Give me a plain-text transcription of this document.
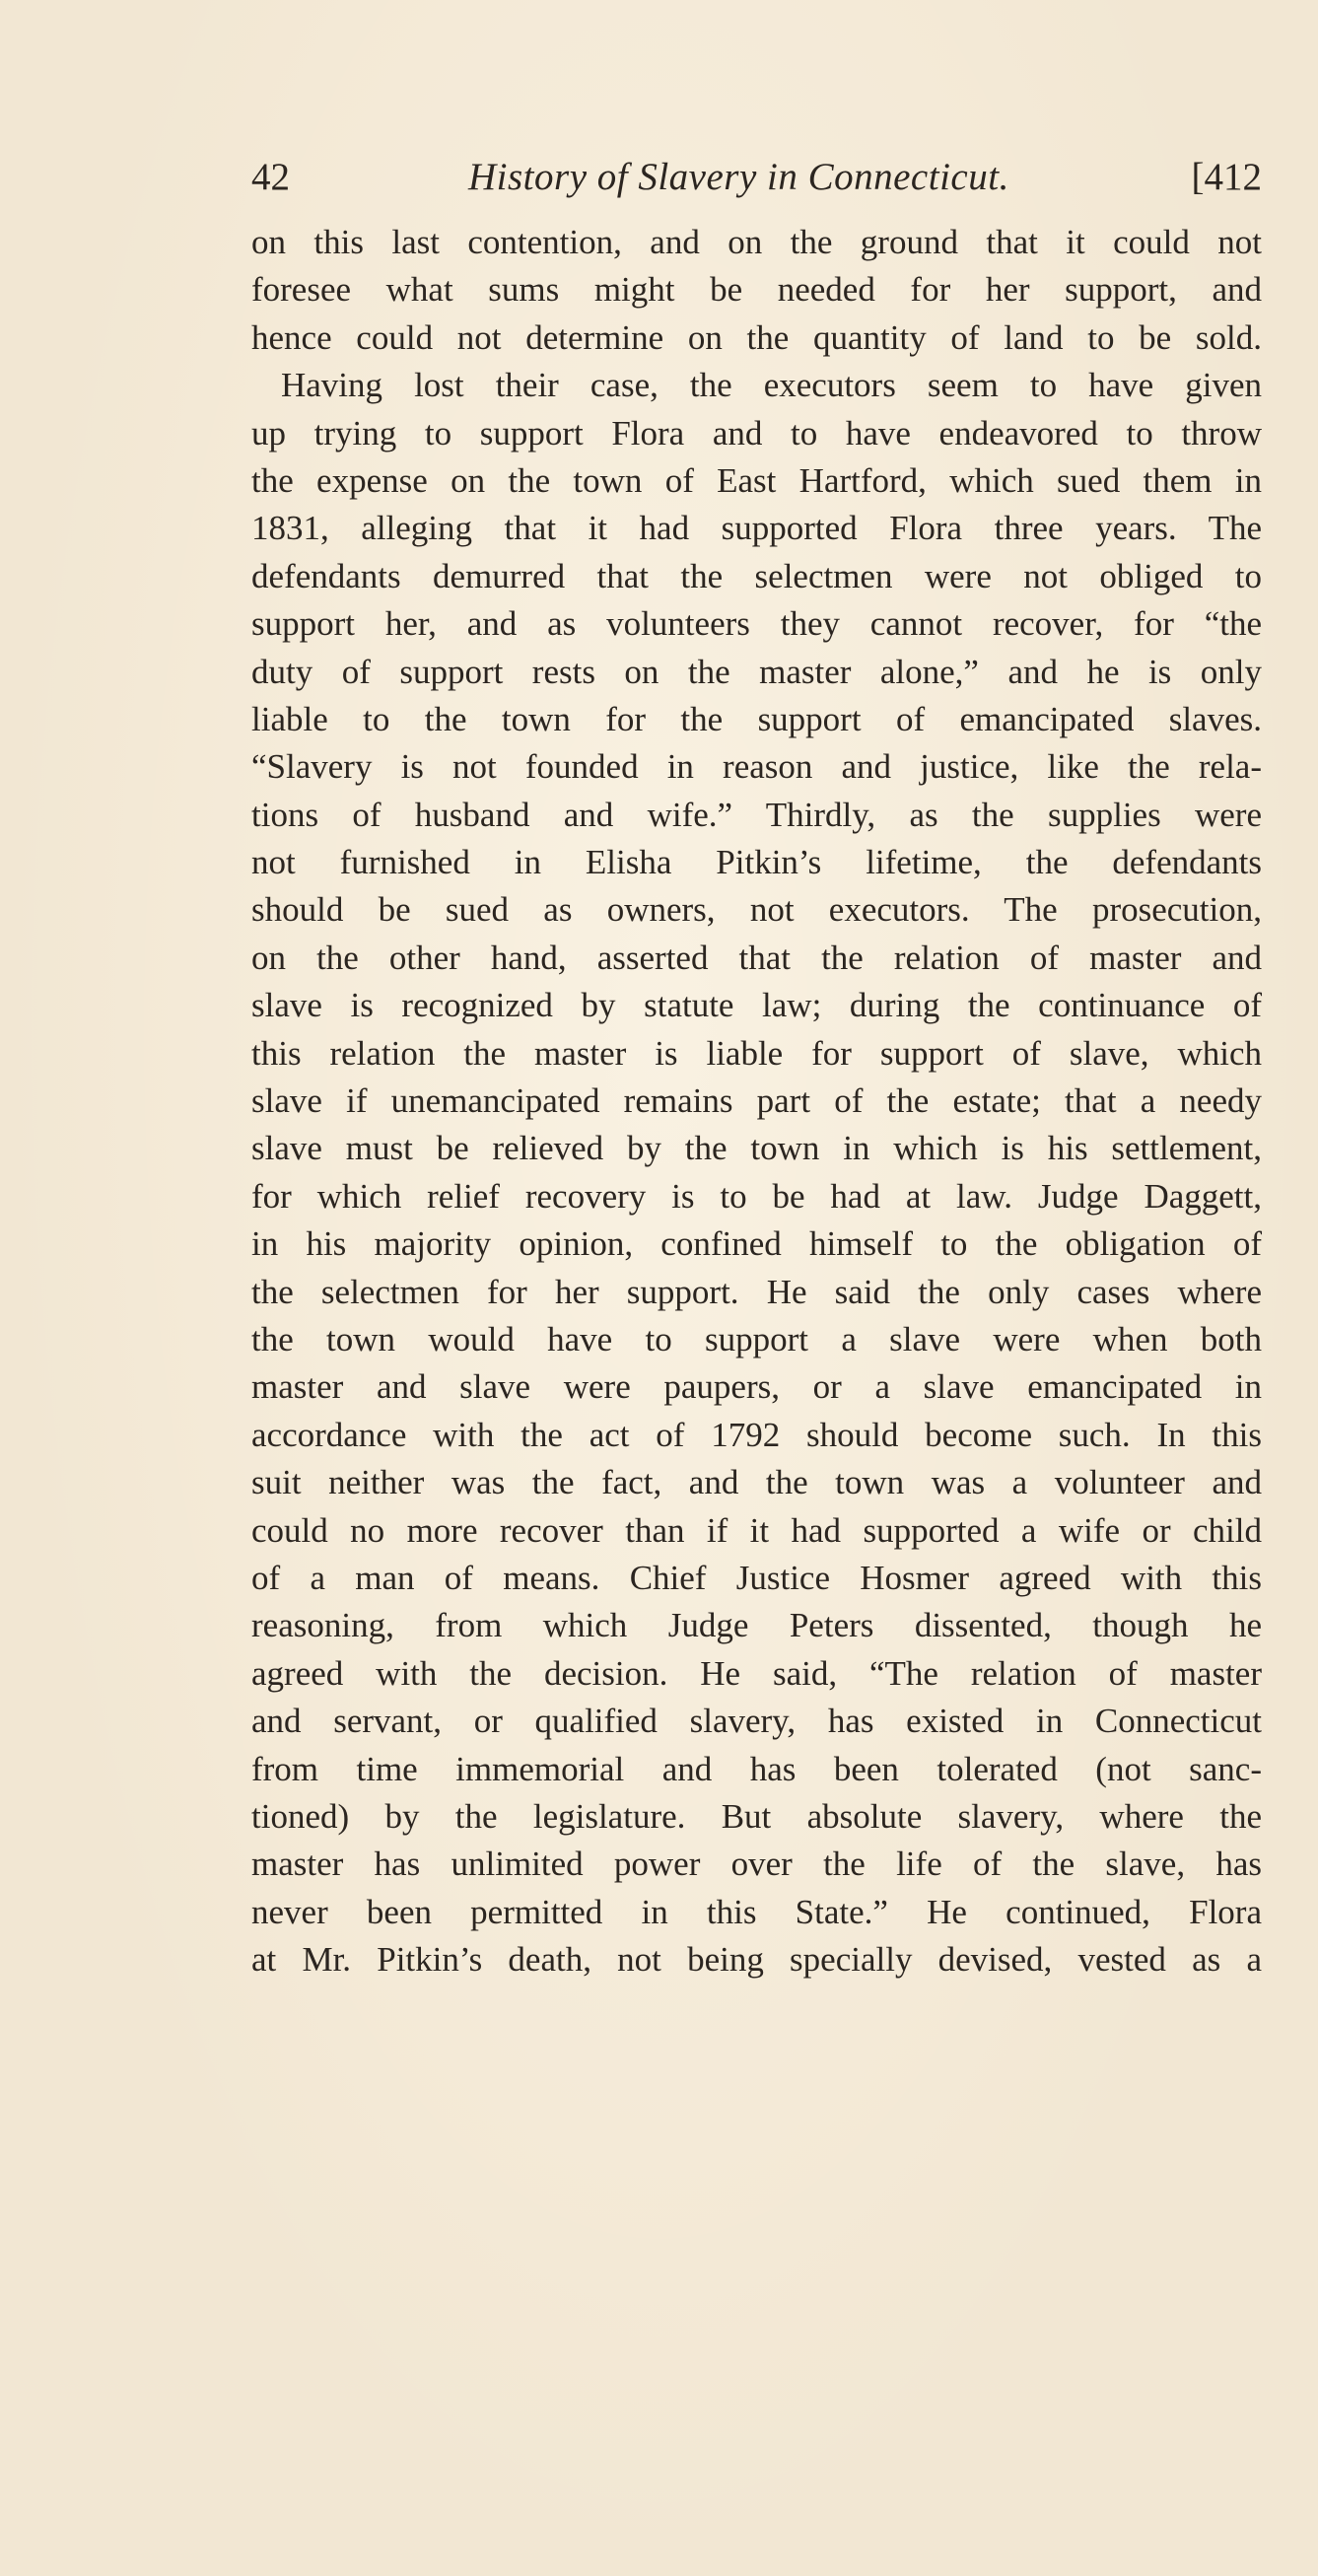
42	History of Slavery in Connecticut.	[412
on this last contention, and on the ground that it could not
foresee what sums might be needed for her support, and
hence could not determine on the quantity of land to be sold.
Having lost their case, the executors seem to have given
up trying to support Flora and to have endeavored to throw
the expense on the town of East Hartford, which sued them in
1831, alleging that it had supported Flora three years. The
defendants demurred that the selectmen were not obliged to
support her, and as volunteers they cannot recover, for “the
duty of support rests on the master alone,” and he is only
liable to the town for the support of emancipated slaves.
“Slavery is not founded in reason and justice, like the rela-
tions of husband and wife.” Thirdly, as the supplies were
not furnished in Elisha Pitkin’s lifetime, the defendants
should be sued as owners, not executors. The prosecution,
on the other hand, asserted that the relation of master and
slave is recognized by statute law; during the continuance of
this relation the master is liable for support of slave, which
slave if unemancipated remains part of the estate; that a needy
slave must be relieved by the town in which is his settlement,
for which relief recovery is to be had at law. Judge Daggett,
in his majority opinion, confined himself to the obligation of
the selectmen for her support. He said the only cases where
the town would have to support a slave were when both
master and slave were paupers, or a slave emancipated in
accordance with the act of 1792 should become such. In this
suit neither was the fact, and the town was a volunteer and
could no more recover than if it had supported a wife or child
of a man of means. Chief Justice Hosmer agreed with this
reasoning, from which Judge Peters dissented, though he
agreed with the decision. He said, “The relation of master
and servant, or qualified slavery, has existed in Connecticut
from time immemorial and has been tolerated (not sanc-
tioned) by the legislature. But absolute slavery, where the
master has unlimited power over the life of the slave, has
never been permitted in this State.” He continued, Flora
at Mr. Pitkin’s death, not being specially devised, vested as a
